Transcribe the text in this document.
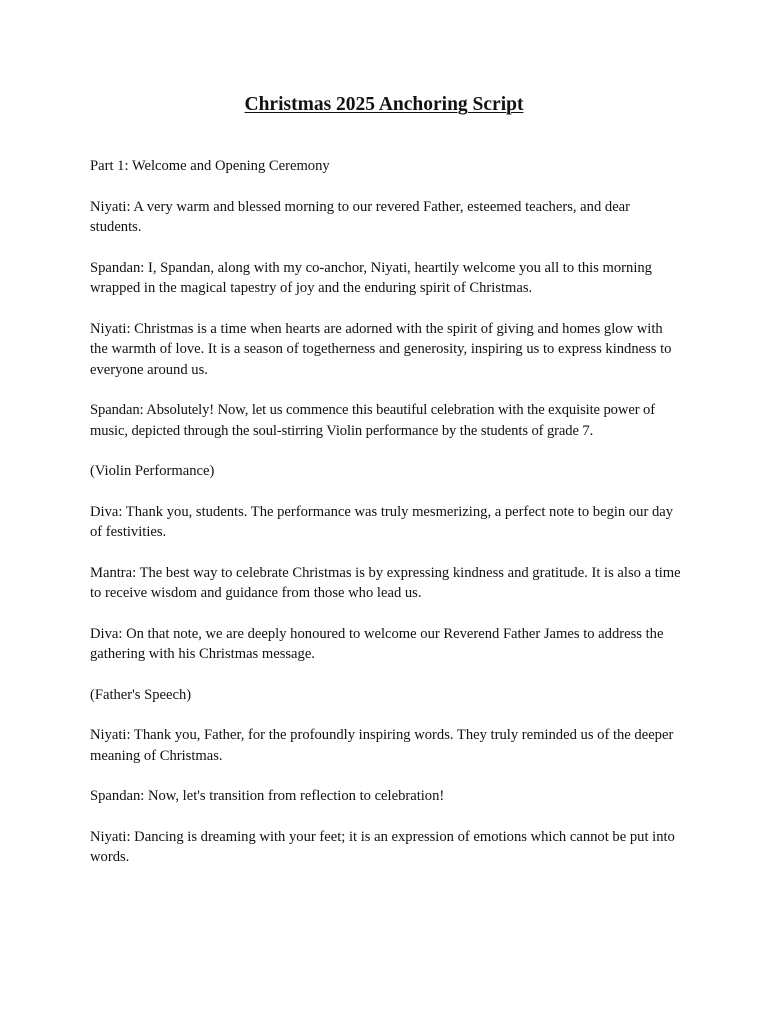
Christmas 2025 Anchoring Script

Part 1: Welcome and Opening Ceremony

Niyati: A very warm and blessed morning to our revered Father, esteemed teachers, and dear students.

Spandan: I, Spandan, along with my co-anchor, Niyati, heartily welcome you all to this morning wrapped in the magical tapestry of joy and the enduring spirit of Christmas.

Niyati: Christmas is a time when hearts are adorned with the spirit of giving and homes glow with the warmth of love. It is a season of togetherness and generosity, inspiring us to express kindness to everyone around us.

Spandan: Absolutely! Now, let us commence this beautiful celebration with the exquisite power of music, depicted through the soul-stirring Violin performance by the students of grade 7.

(Violin Performance)

Diva: Thank you, students. The performance was truly mesmerizing, a perfect note to begin our day of festivities.

Mantra: The best way to celebrate Christmas is by expressing kindness and gratitude. It is also a time to receive wisdom and guidance from those who lead us.

Diva: On that note, we are deeply honoured to welcome our Reverend Father James to address the gathering with his Christmas message.

(Father's Speech)

Niyati: Thank you, Father, for the profoundly inspiring words. They truly reminded us of the deeper meaning of Christmas.

Spandan: Now, let's transition from reflection to celebration!

Niyati: Dancing is dreaming with your feet; it is an expression of emotions which cannot be put into words.
